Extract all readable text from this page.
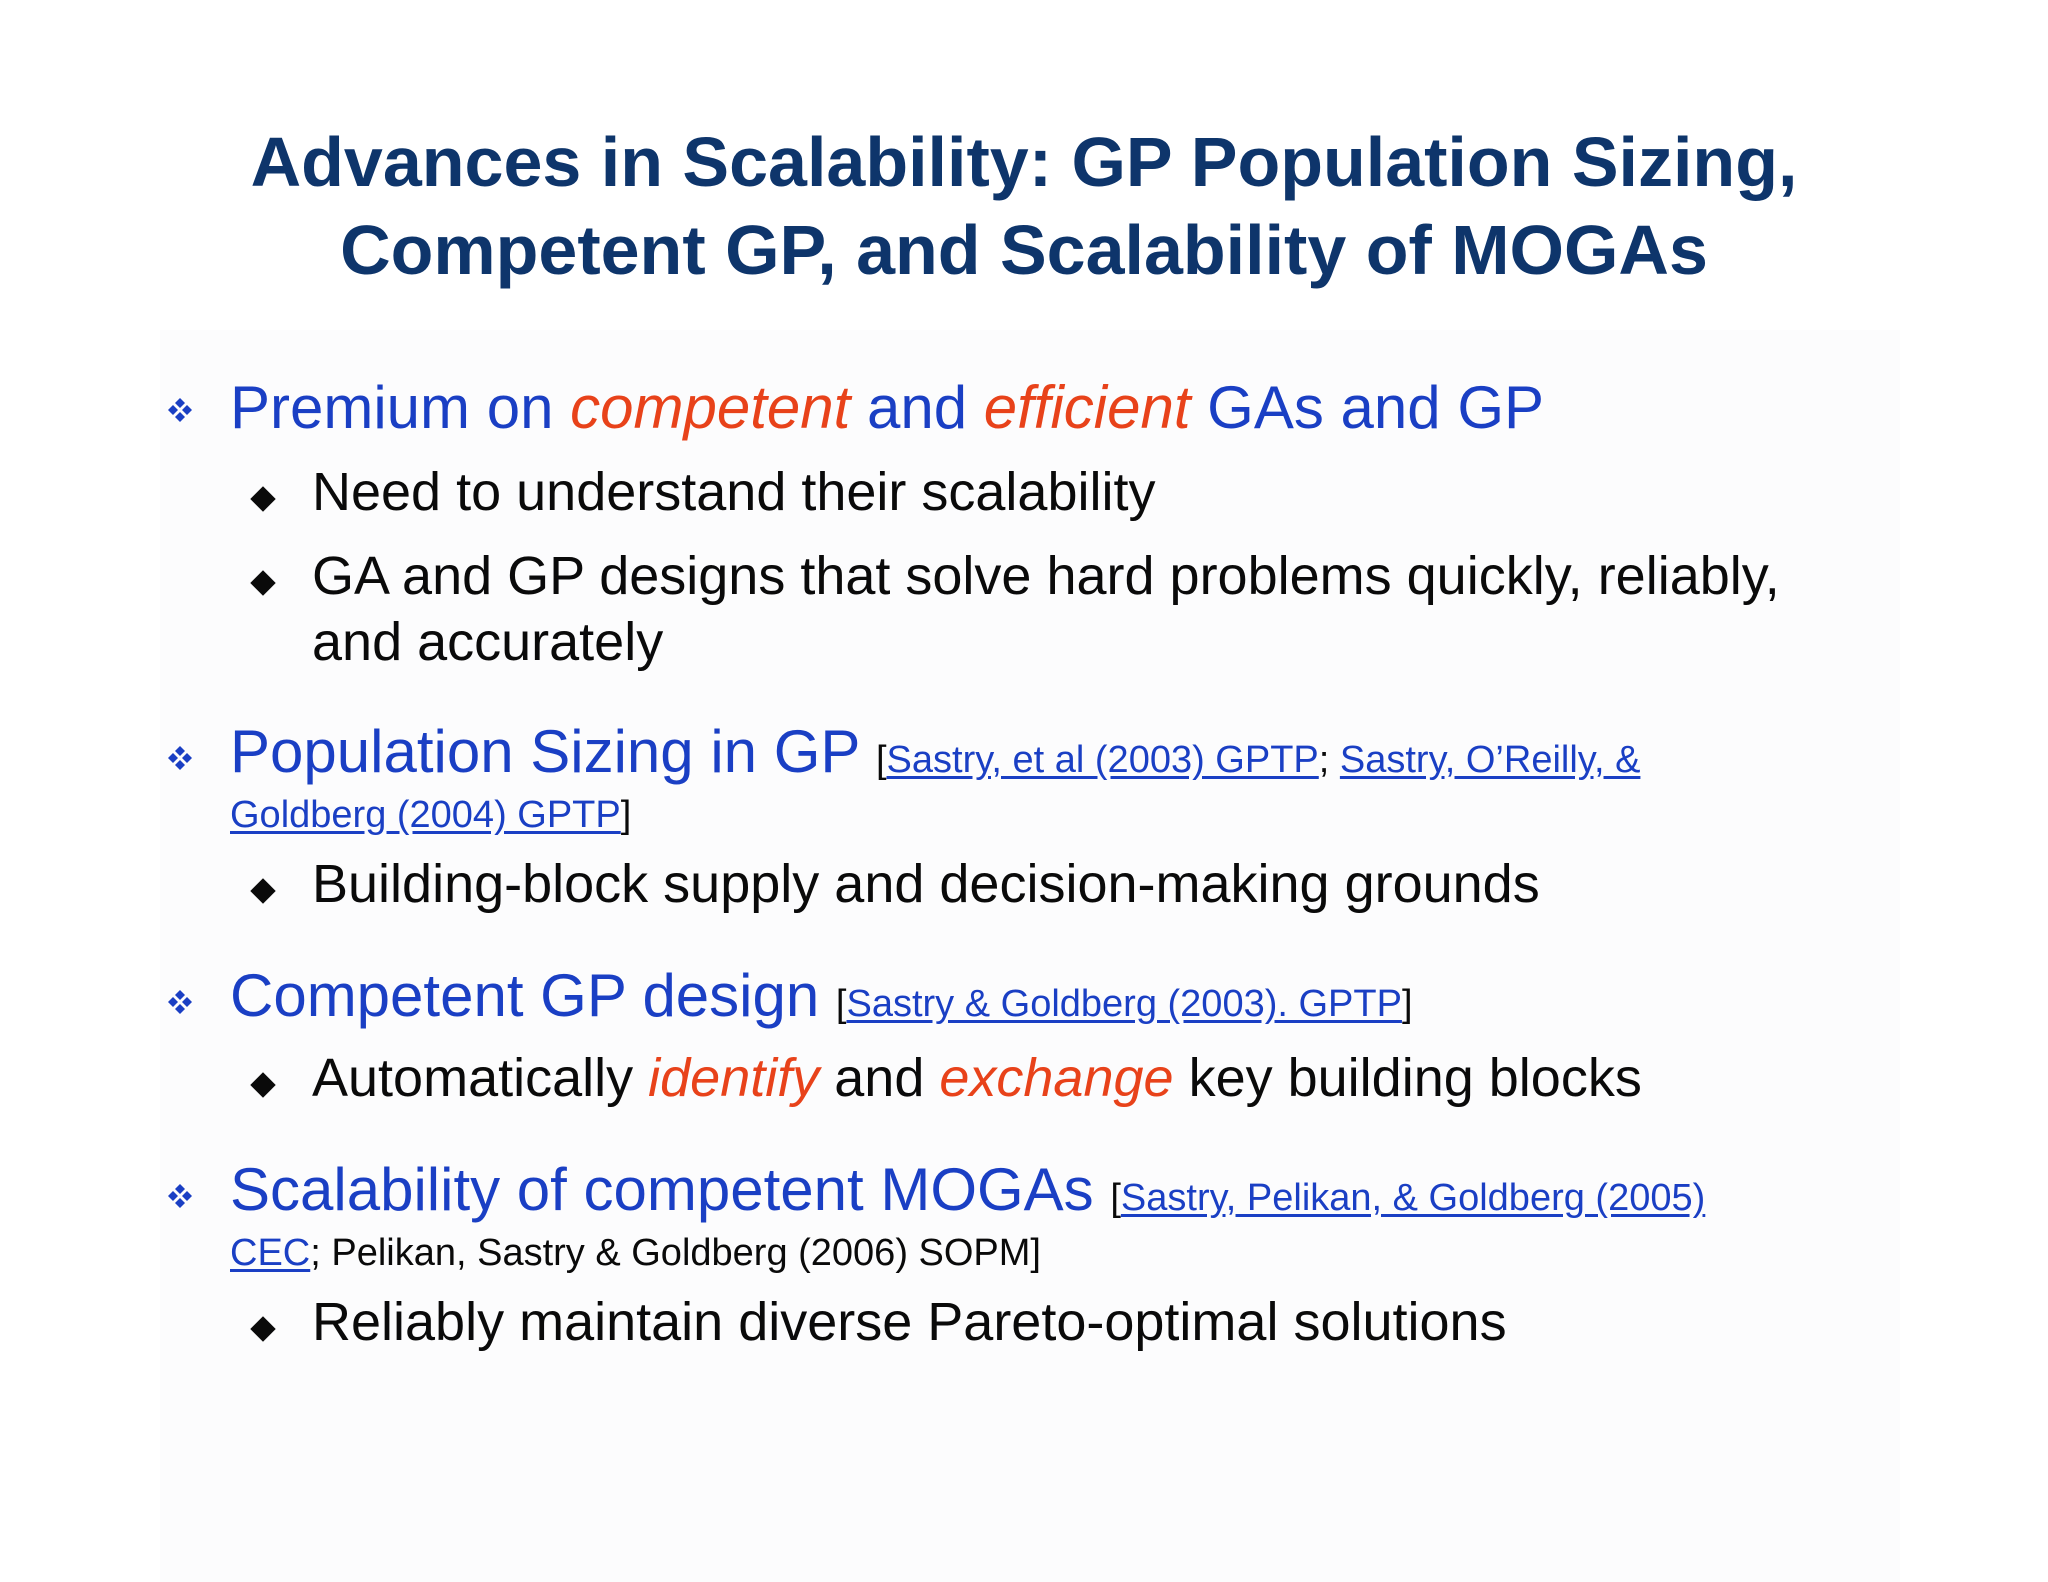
Advances in Scalability: GP Population Sizing,
Competent GP, and Scalability of MOGAs
Premium on competent and efficient GAs and GP
Need to understand their scalability
GA and GP designs that solve hard problems quickly, reliably,
and accurately
Population Sizing in GP [Sastry, et al (2003) GPTP; Sastry, O’Reilly, &
Goldberg (2004) GPTP]
Building-block supply and decision-making grounds
Competent GP design [Sastry & Goldberg (2003). GPTP]
Automatically identify and exchange key building blocks
Scalability of competent MOGAs [Sastry, Pelikan, & Goldberg (2005)
CEC; Pelikan, Sastry & Goldberg (2006) SOPM]
Reliably maintain diverse Pareto-optimal solutions
